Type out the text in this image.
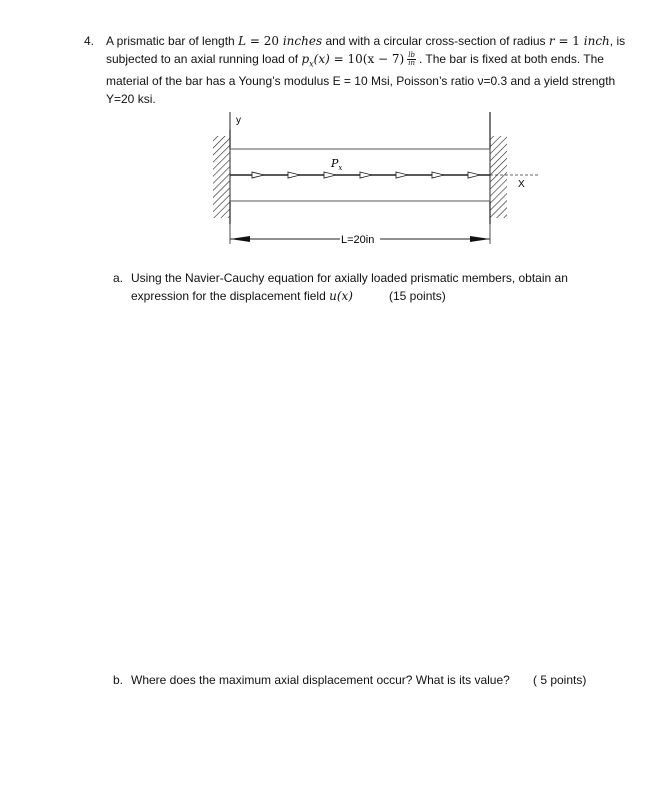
4. A prismatic bar of length L = 20 inches and with a circular cross-section of radius r = 1 inch, is
subjected to an axial running load of $p_x(x) = 10(x - 7) \frac{lb}{in}$ . The bar is fixed at both ends. The
material of the bar has a Young’s modulus E = 10 Msi, Poisson’s ratio ν=0.3 and a yield strength
Y=20 ksi.
y
$P_x$
X
L=20in
a. Using the Navier-Cauchy equation for axially loaded prismatic members, obtain an
expression for the displacement field u(x)	(15 points)
b. Where does the maximum axial displacement occur? What is its value? ( 5 points)
